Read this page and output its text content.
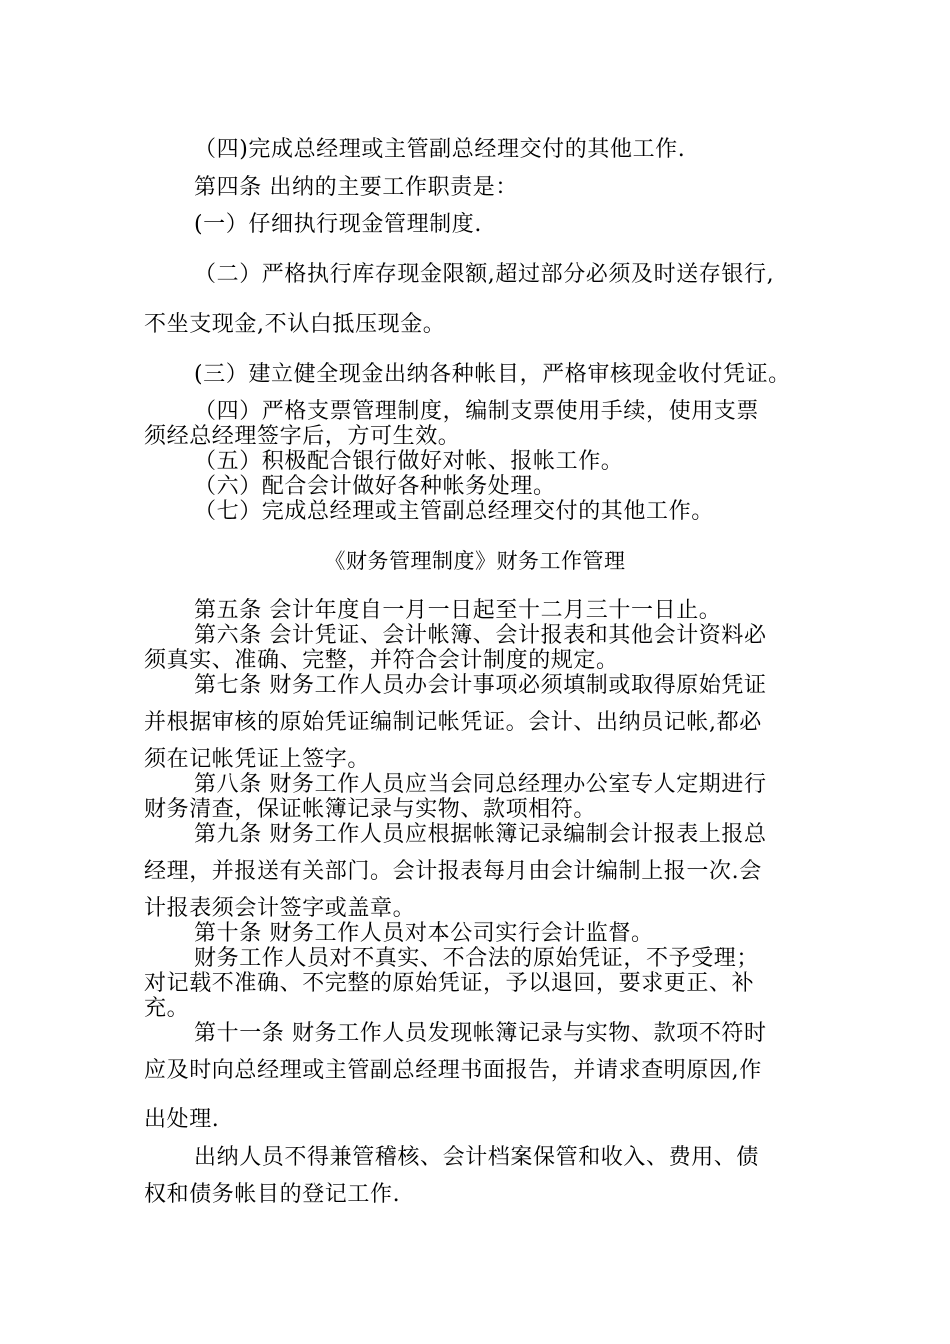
（四)完成总经理或主管副总经理交付的其他工作.
第四条 出纳的主要工作职责是：
(一）仔细执行现金管理制度.
（二）严格执行库存现金限额,超过部分必须及时送存银行,
不坐支现金,不认白抵压现金。
(三）建立健全现金出纳各种帐目，严格审核现金收付凭证。
（四）严格支票管理制度，编制支票使用手续，使用支票
须经总经理签字后，方可生效。
（五）积极配合银行做好对帐、报帐工作。
（六）配合会计做好各种帐务处理。
（七）完成总经理或主管副总经理交付的其他工作。
《财务管理制度》财务工作管理
第五条 会计年度自一月一日起至十二月三十一日止。
第六条 会计凭证、会计帐簿、会计报表和其他会计资料必
须真实、准确、完整，并符合会计制度的规定。
第七条 财务工作人员办会计事项必须填制或取得原始凭证
并根据审核的原始凭证编制记帐凭证。会计、出纳员记帐,都必
须在记帐凭证上签字。
第八条 财务工作人员应当会同总经理办公室专人定期进行
财务清查，保证帐簿记录与实物、款项相符。
第九条 财务工作人员应根据帐簿记录编制会计报表上报总
经理，并报送有关部门。会计报表每月由会计编制上报一次.会
计报表须会计签字或盖章。
第十条 财务工作人员对本公司实行会计监督。
财务工作人员对不真实、不合法的原始凭证，不予受理；
对记载不准确、不完整的原始凭证，予以退回，要求更正、补
充。
第十一条 财务工作人员发现帐簿记录与实物、款项不符时
应及时向总经理或主管副总经理书面报告，并请求查明原因,作
出处理.
出纳人员不得兼管稽核、会计档案保管和收入、费用、债
权和债务帐目的登记工作.
